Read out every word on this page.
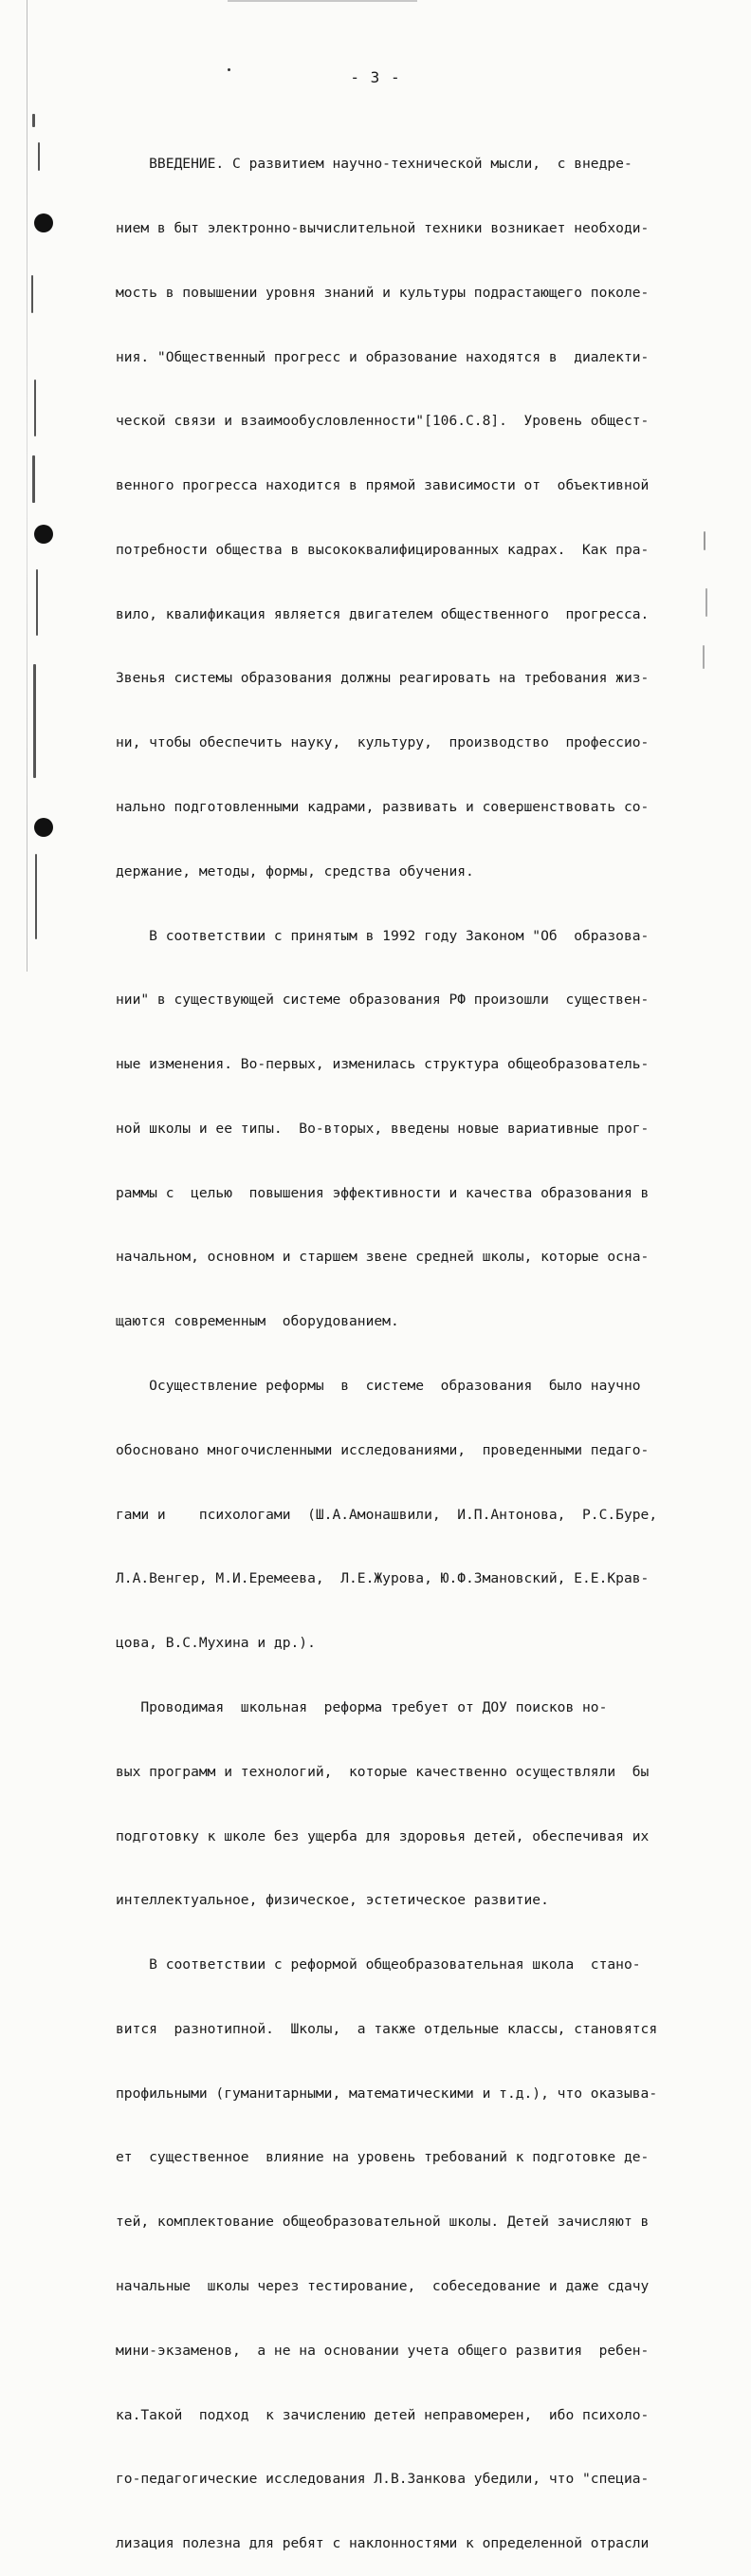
- 3 -

ВВЕДЕНИЕ. С развитием научно-технической мысли,  с внедре-

нием в быт электронно-вычислительной техники возникает необходи-

мость в повышении уровня знаний и культуры подрастающего поколе-

ния. "Общественный прогресс и образование находятся в  диалекти-

ческой связи и взаимообусловленности"[106.С.8].  Уровень общест-

венного прогресса находится в прямой зависимости от  объективной

потребности общества в высококвалифицированных кадрах.  Как пра-

вило, квалификация является двигателем общественного  прогресса.

Звенья системы образования должны реагировать на требования жиз-

ни, чтобы обеспечить науку,  культуру,  производство  профессио-

нально подготовленными кадрами, развивать и совершенствовать со-

держание, методы, формы, средства обучения.

В соответствии с принятым в 1992 году Законом "Об  образова-

нии" в существующей системе образования РФ произошли  существен-

ные изменения. Во-первых, изменилась структура общеобразователь-

ной школы и ее типы.  Во-вторых, введены новые вариативные прог-

раммы с  целью  повышения эффективности и качества образования в

начальном, основном и старшем звене средней школы, которые осна-

щаются современным  оборудованием.

Осуществление реформы  в  системе  образования  было научно

обосновано многочисленными исследованиями,  проведенными педаго-

гами и    психологами  (Ш.А.Амонашвили,  И.П.Антонова,  Р.С.Буре,

Л.А.Венгер, М.И.Еремеева,  Л.Е.Журова, Ю.Ф.Змановский, Е.Е.Крав-

цова, В.С.Мухина и др.).

Проводимая  школьная  реформа требует от ДОУ поисков но-

вых программ и технологий,  которые качественно осуществляли  бы

подготовку к школе без ущерба для здоровья детей, обеспечивая их

интеллектуальное, физическое, эстетическое развитие.

В соответствии с реформой общеобразовательная школа  стано-

вится  разнотипной.  Школы,  а также отдельные классы, становятся

профильными (гуманитарными, математическими и т.д.), что оказыва-

ет  существенное  влияние на уровень требований к подготовке де-

тей, комплектование общеобразовательной школы. Детей зачисляют в

начальные  школы через тестирование,  собеседование и даже сдачу

мини-экзаменов,  а не на основании учета общего развития  ребен-

ка.Такой  подход  к зачислению детей неправомерен,  ибо психоло-

го-педагогические исследования Л.В.Занкова убедили, что "специа-

лизация полезна для ребят с наклонностями к определенной отрасли
